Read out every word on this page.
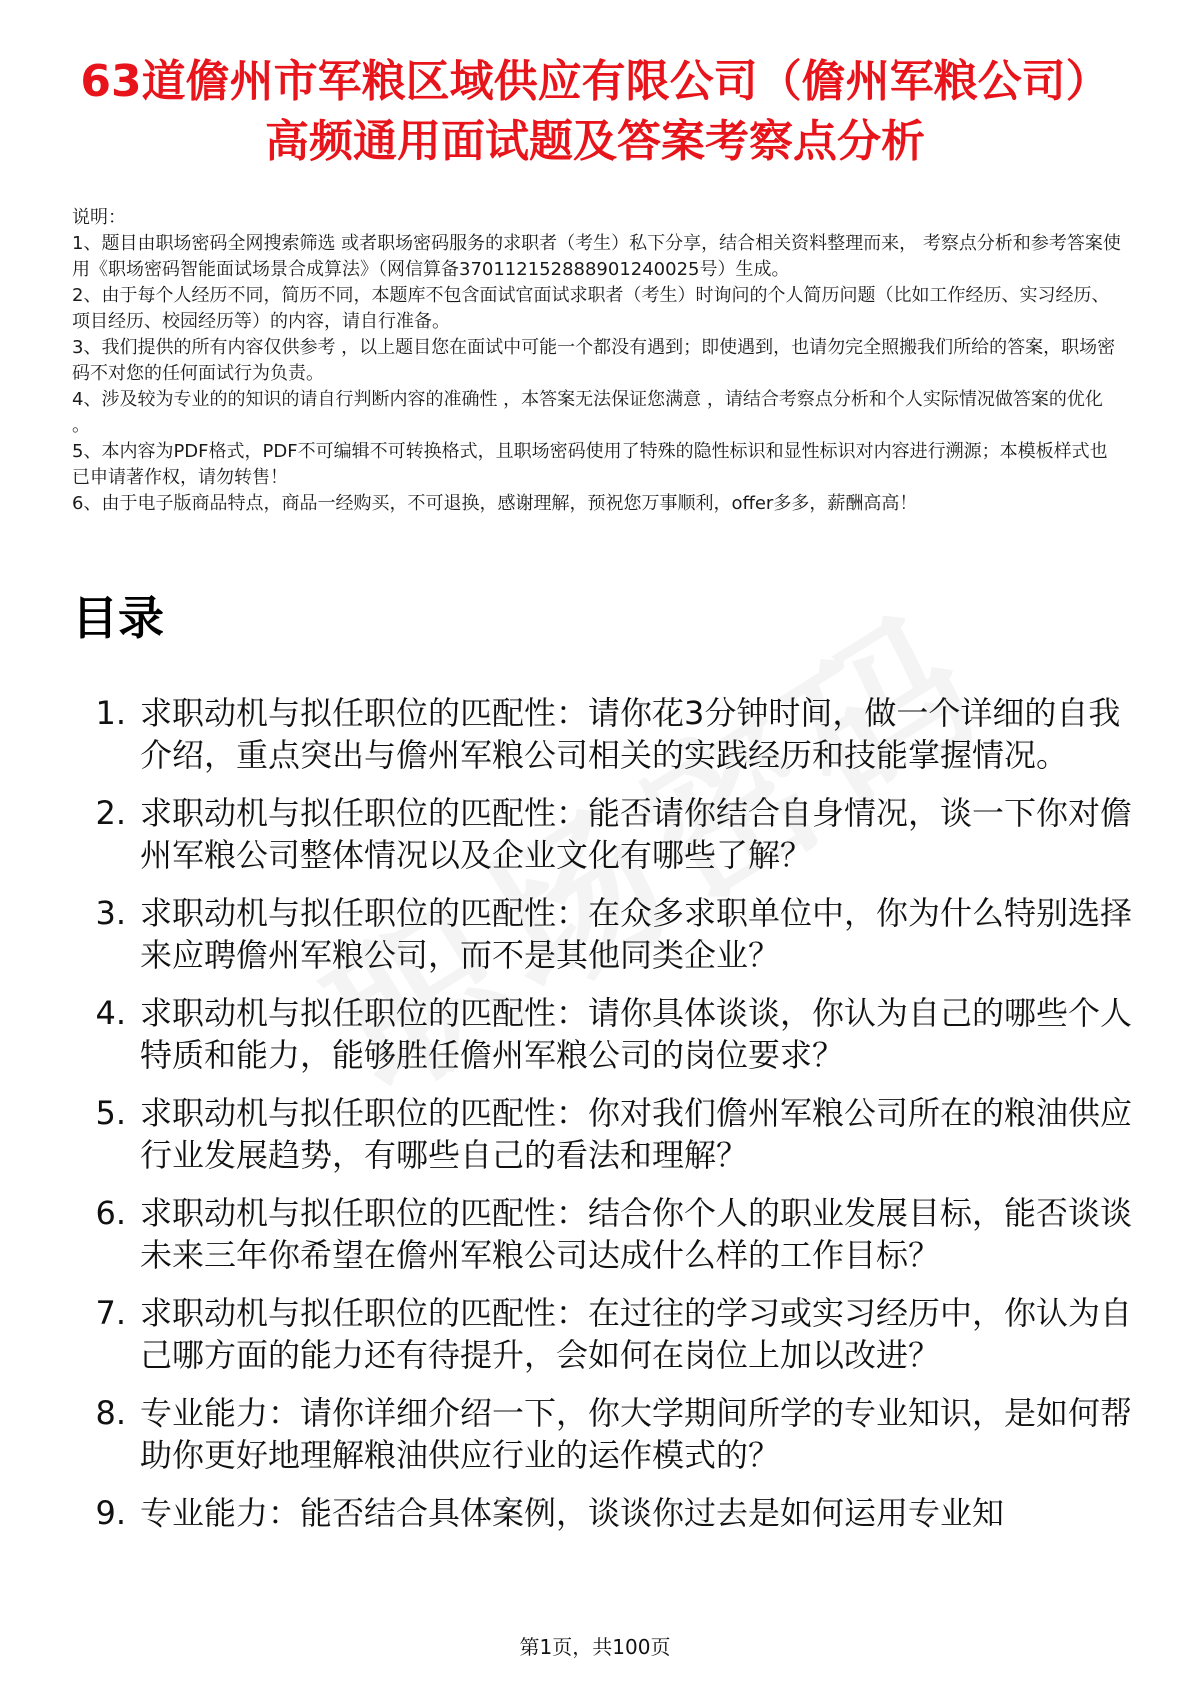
63道儋州市军粮区域供应有限公司（儋州军粮公司）高频通用面试题及答案考察点分析

说明：

1、题目由职场密码全网搜索筛选 或者职场密码服务的求职者（考生）私下分享，结合相关资料整理而来， 考察点分析和参考答案使用《职场密码智能面试场景合成算法》（网信算备370112152888901240025号）生成。

2、由于每个人经历不同，简历不同，本题库不包含面试官面试求职者（考生）时询问的个人简历问题（比如工作经历、实习经历、项目经历、校园经历等）的内容，请自行准备。

3、我们提供的所有内容仅供参考 ，以上题目您在面试中可能一个都没有遇到；即使遇到，也请勿完全照搬我们所给的答案，职场密码不对您的任何面试行为负责。

4、涉及较为专业的的知识的请自行判断内容的准确性 ，本答案无法保证您满意 ，请结合考察点分析和个人实际情况做答案的优化 。

5、本内容为PDF格式，PDF不可编辑不可转换格式，且职场密码使用了特殊的隐性标识和显性标识对内容进行溯源；本模板样式也已申请著作权，请勿转售！

6、由于电子版商品特点，商品一经购买，不可退换，感谢理解，预祝您万事顺利，offer多多，薪酬高高！

目录
1. 求职动机与拟任职位的匹配性：请你花3分钟时间，做一个详细的自我介绍，重点突出与儋州军粮公司相关的实践经历和技能掌握情况。
2. 求职动机与拟任职位的匹配性：能否请你结合自身情况，谈一下你对儋州军粮公司整体情况以及企业文化有哪些了解？
3. 求职动机与拟任职位的匹配性：在众多求职单位中，你为什么特别选择来应聘儋州军粮公司，而不是其他同类企业？
4. 求职动机与拟任职位的匹配性：请你具体谈谈，你认为自己的哪些个人特质和能力，能够胜任儋州军粮公司的岗位要求？
5. 求职动机与拟任职位的匹配性：你对我们儋州军粮公司所在的粮油供应行业发展趋势，有哪些自己的看法和理解？
6. 求职动机与拟任职位的匹配性：结合你个人的职业发展目标，能否谈谈未来三年你希望在儋州军粮公司达成什么样的工作目标？
7. 求职动机与拟任职位的匹配性：在过往的学习或实习经历中，你认为自己哪方面的能力还有待提升，会如何在岗位上加以改进？
8. 专业能力：请你详细介绍一下，你大学期间所学的专业知识，是如何帮助你更好地理解粮油供应行业的运作模式的？
9. 专业能力：能否结合具体案例，谈谈你过去是如何运用专业知
第1页，共100页
